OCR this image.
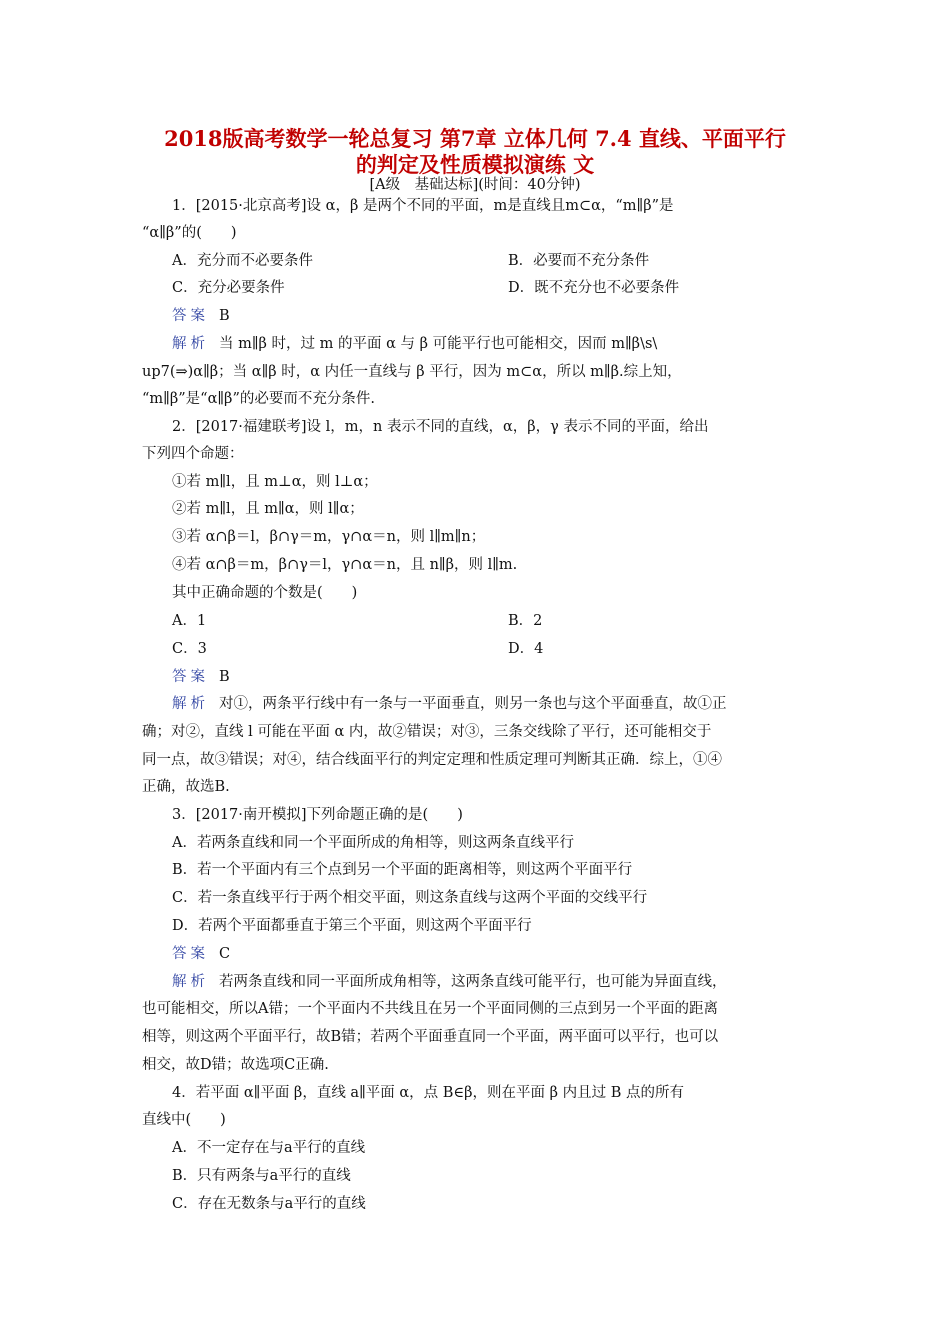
2018版高考数学一轮总复习 第7章 立体几何 7.4 直线、平面平行
的判定及性质模拟演练 文
[A级　基础达标](时间：40分钟)
1．[2015·北京高考]设 α，β 是两个不同的平面，m是直线且m⊂α，“m∥β”是
“α∥β”的(　　)
A．充分而不必要条件	B．必要而不充分条件
C．充分必要条件	D．既不充分也不必要条件
答案 B
解析 当 m∥β 时，过 m 的平面 α 与 β 可能平行也可能相交，因而 m∥β\s\
up7(⇒)α∥β；当 α∥β 时，α 内任一直线与 β 平行，因为 m⊂α，所以 m∥β.综上知，
“m∥β”是“α∥β”的必要而不充分条件.
2．[2017·福建联考]设 l，m，n 表示不同的直线，α，β，γ 表示不同的平面，给出
下列四个命题：
①若 m∥l，且 m⊥α，则 l⊥α；
②若 m∥l，且 m∥α，则 l∥α；
③若 α∩β＝l，β∩γ＝m，γ∩α＝n，则 l∥m∥n；
④若 α∩β＝m，β∩γ＝l，γ∩α＝n，且 n∥β，则 l∥m.
其中正确命题的个数是(　　)
A．1	B．2
C．3	D．4
答案 B
解析 对①，两条平行线中有一条与一平面垂直，则另一条也与这个平面垂直，故①正
确；对②，直线 l 可能在平面 α 内，故②错误；对③，三条交线除了平行，还可能相交于
同一点，故③错误；对④，结合线面平行的判定定理和性质定理可判断其正确．综上，①④
正确，故选B.
3．[2017·南开模拟]下列命题正确的是(　　)
A．若两条直线和同一个平面所成的角相等，则这两条直线平行
B．若一个平面内有三个点到另一个平面的距离相等，则这两个平面平行
C．若一条直线平行于两个相交平面，则这条直线与这两个平面的交线平行
D．若两个平面都垂直于第三个平面，则这两个平面平行
答案 C
解析 若两条直线和同一平面所成角相等，这两条直线可能平行，也可能为异面直线，
也可能相交，所以A错；一个平面内不共线且在另一个平面同侧的三点到另一个平面的距离
相等，则这两个平面平行，故B错；若两个平面垂直同一个平面，两平面可以平行，也可以
相交，故D错；故选项C正确.
4．若平面 α∥平面 β，直线 a∥平面 α，点 B∈β，则在平面 β 内且过 B 点的所有
直线中(　　)
A．不一定存在与a平行的直线
B．只有两条与a平行的直线
C．存在无数条与a平行的直线
